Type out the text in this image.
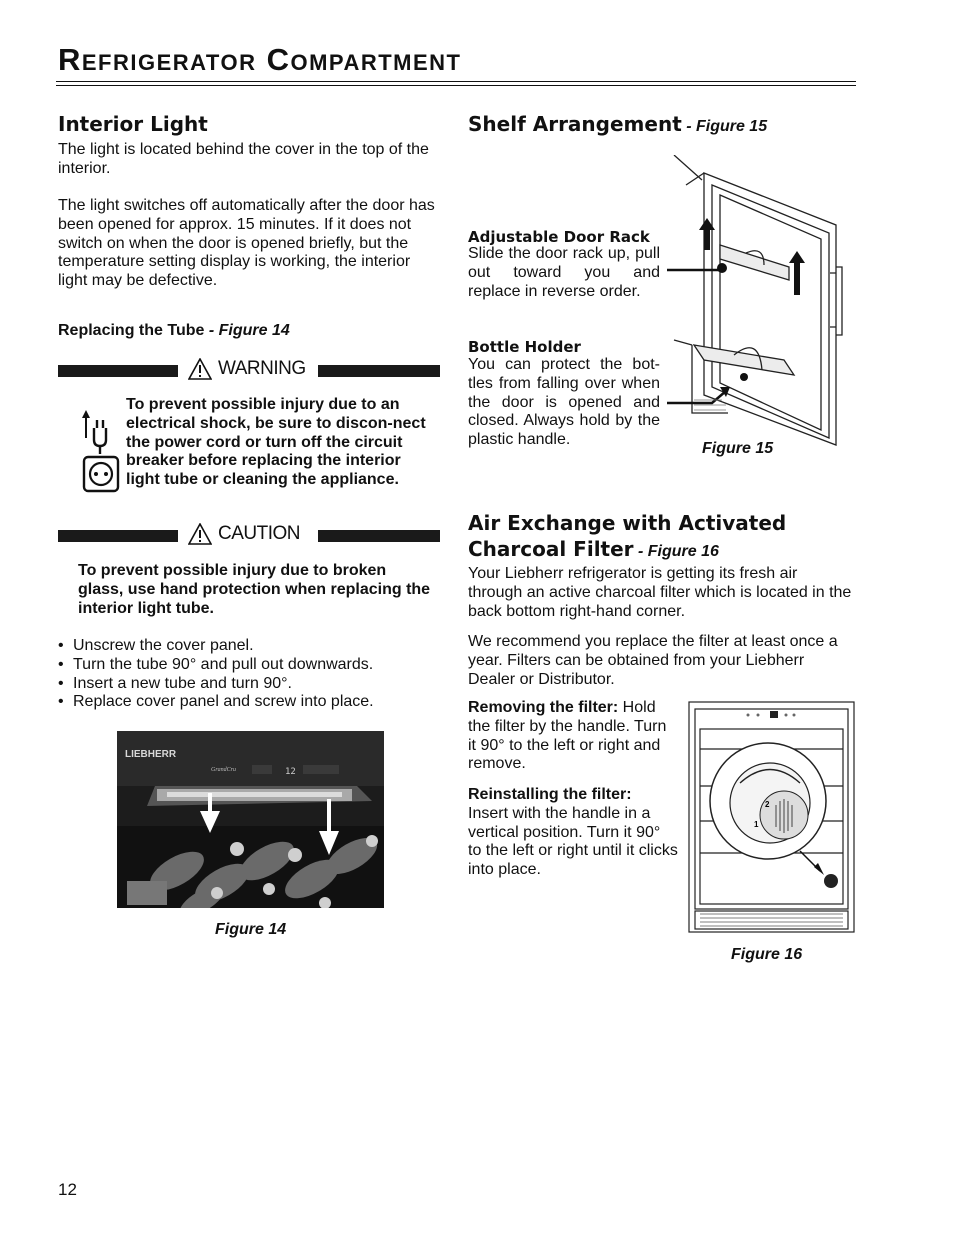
Refrigerator Compartment
Interior Light

The light is located behind the cover in the top of the interior.

The light switches off automatically after the door has been opened for approx. 15 minutes. If it does not switch on when the door is opened briefly, but the temperature setting display is working, the interior light may be defective.

Replacing the Tube - Figure 14

WARNING

To prevent possible injury due to an electrical shock, be sure to discon-nect the power cord or turn off the circuit breaker before replacing the interior light tube or cleaning the appliance.

CAUTION

To prevent possible injury due to broken glass, use hand protection when replacing the interior light tube.

• Unscrew the cover panel.
• Turn the tube 90° and pull out downwards.
• Insert a new tube and turn 90°.
• Replace cover panel and screw into place.
LIEBHERR
GrandCru	12
Figure 14
Shelf Arrangement - Figure 15

Adjustable Door Rack

Slide the door rack up, pull out toward you and replace in reverse order.

Bottle Holder

You can protect the bot-tles from falling over when the door is opened and closed. Always hold by the plastic handle.

Figure 15
Air Exchange with Activated
Charcoal Filter - Figure 16

Your Liebherr refrigerator is getting its fresh air through an active charcoal filter which is located in the back bottom right-hand corner.

We recommend you replace the filter at least once a year. Filters can be obtained from your Liebherr Dealer or Distributor.

Removing the filter: Hold the filter by the handle. Turn it 90° to the left or right and remove.

Reinstalling the filter:
Insert with the handle in a vertical position. Turn it 90° to the left or right until it clicks into place.

2
1
Figure 16
12
